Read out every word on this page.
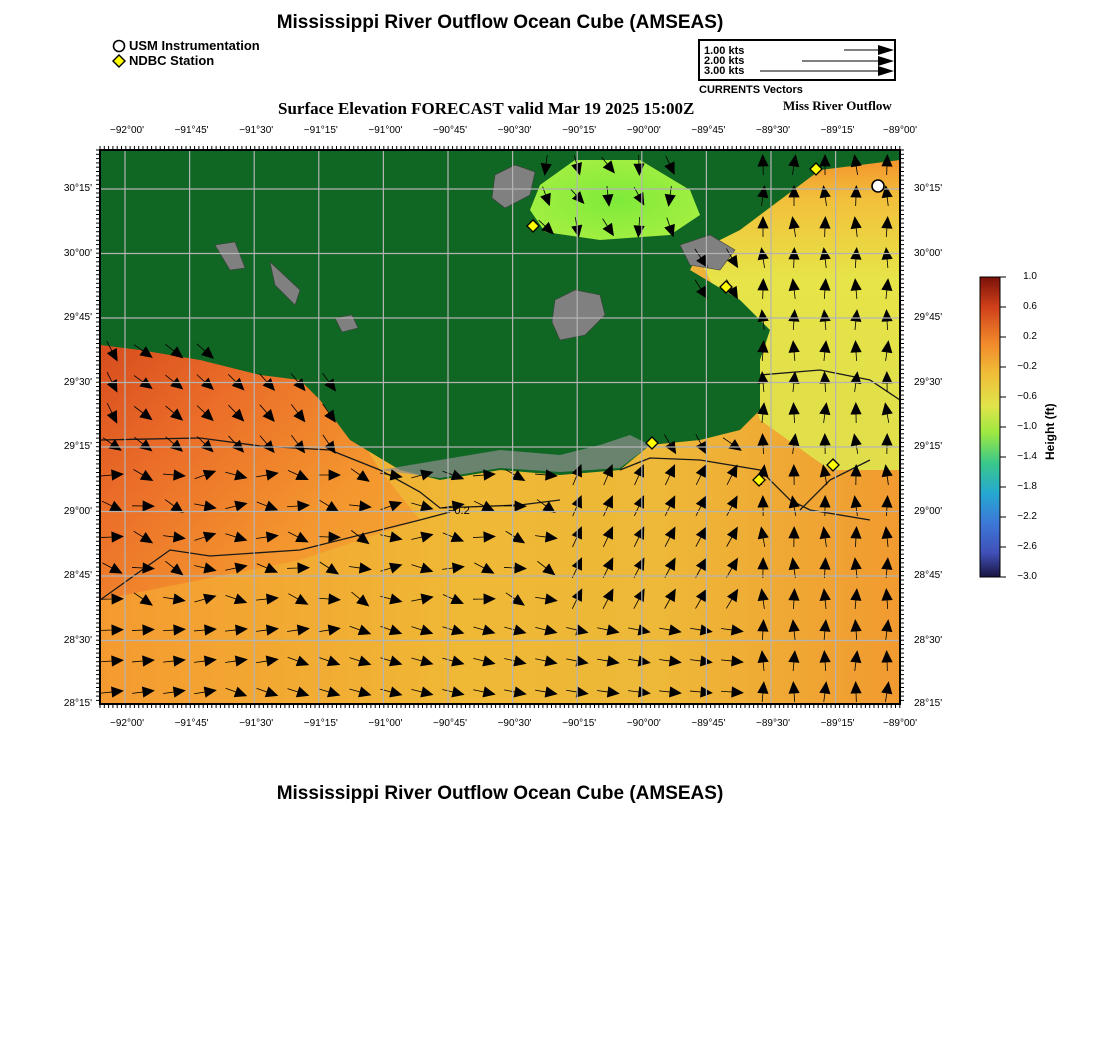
Mississippi River Outflow Ocean Cube (AMSEAS)
USM Instrumentation
NDBC Station
1.00 kts
2.00 kts
3.00 kts
CURRENTS Vectors
Surface Elevation FORECAST valid Mar 19 2025 15:00Z	Miss River Outflow
−0.2
−92°00'	−91°45'	−91°30'	−91°15'	−91°00'	−90°45'	−90°30'	−90°15'	−90°00'	−89°45'	−89°30'	−89°15'	−89°00'
−92°00'	−91°45'	−91°30'	−91°15'	−91°00'	−90°45'	−90°30'	−90°15'	−90°00'	−89°45'	−89°30'	−89°15'	−89°00'
30°15'
30°00'
29°45'
29°30'
29°15'
29°00'
28°45'
28°30'
28°15'
30°15'
30°00'
29°45'
29°30'
29°15'
29°00'
28°45'
28°30'
28°15'
1.0
0.6
0.2
−0.2
−0.6
−1.0
−1.4
−1.8
−2.2
−2.6
−3.0
Height (ft)
Mississippi River Outflow Ocean Cube (AMSEAS)
